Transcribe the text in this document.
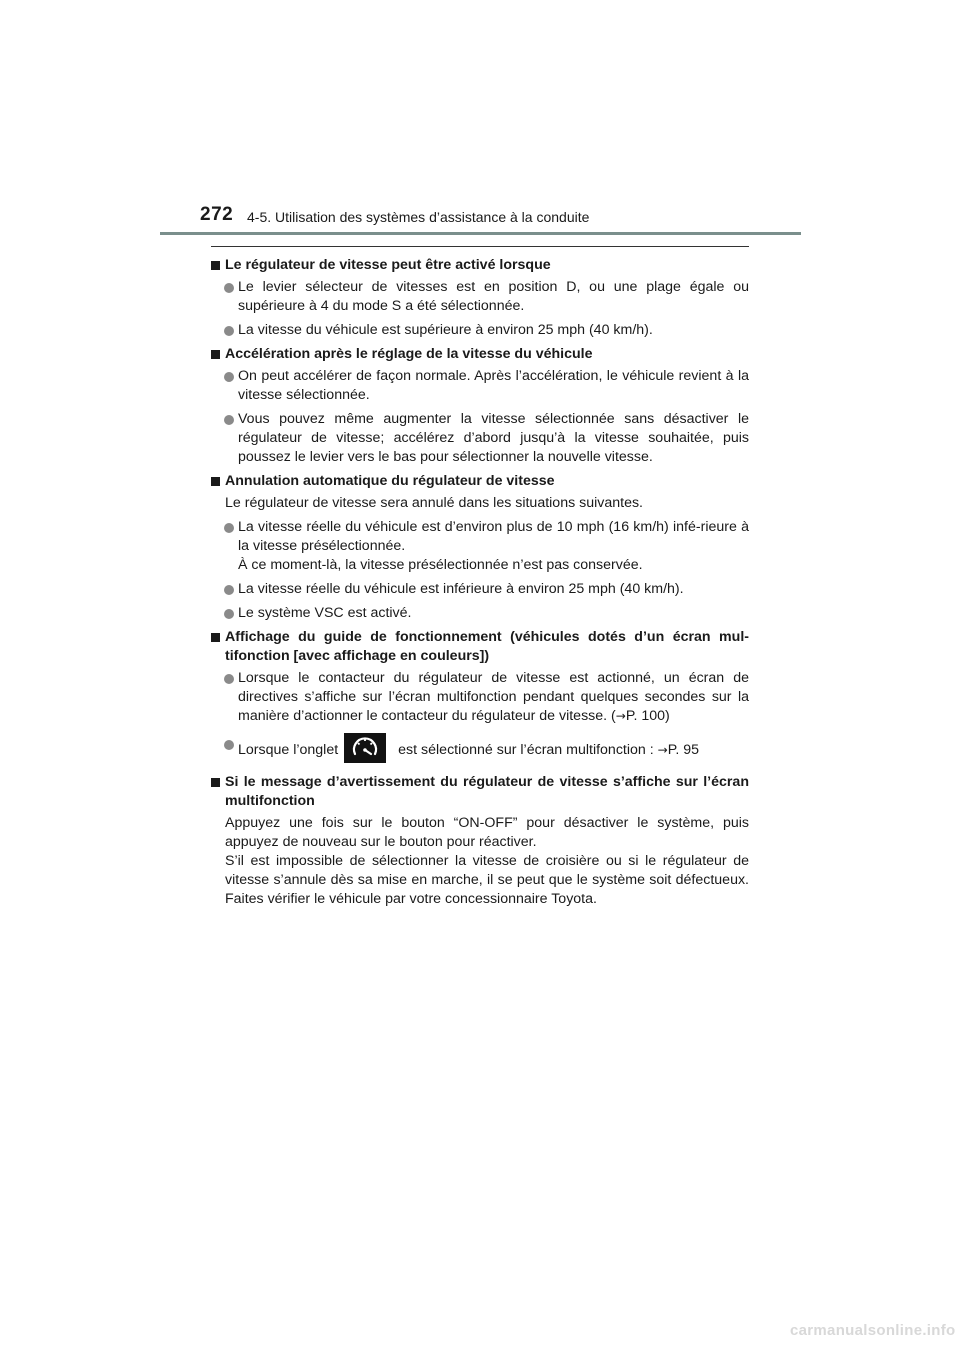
272 4-5. Utilisation des systèmes d’assistance à la conduite
Le régulateur de vitesse peut être activé lorsque
Le levier sélecteur de vitesses est en position D, ou une plage égale ou supérieure à 4 du mode S a été sélectionnée.
La vitesse du véhicule est supérieure à environ 25 mph (40 km/h).
Accélération après le réglage de la vitesse du véhicule
On peut accélérer de façon normale. Après l’accélération, le véhicule revient à la vitesse sélectionnée.
Vous pouvez même augmenter la vitesse sélectionnée sans désactiver le régulateur de vitesse; accélérez d’abord jusqu’à la vitesse souhaitée, puis poussez le levier vers le bas pour sélectionner la nouvelle vitesse.
Annulation automatique du régulateur de vitesse
Le régulateur de vitesse sera annulé dans les situations suivantes.
La vitesse réelle du véhicule est d’environ plus de 10 mph (16 km/h) infé-rieure à la vitesse présélectionnée.
À ce moment-là, la vitesse présélectionnée n’est pas conservée.
La vitesse réelle du véhicule est inférieure à environ 25 mph (40 km/h).
Le système VSC est activé.
Affichage du guide de fonctionnement (véhicules dotés d’un écran mul-tifonction [avec affichage en couleurs])
Lorsque le contacteur du régulateur de vitesse est actionné, un écran de directives s’affiche sur l’écran multifonction pendant quelques secondes sur la manière d’actionner le contacteur du régulateur de vitesse. (→P. 100)
Lorsque l’onglet	est sélectionné sur l’écran multifonction : →P. 95
Si le message d’avertissement du régulateur de vitesse s’affiche sur l’écran multifonction
Appuyez une fois sur le bouton “ON-OFF” pour désactiver le système, puis appuyez de nouveau sur le bouton pour réactiver.
S’il est impossible de sélectionner la vitesse de croisière ou si le régulateur de vitesse s’annule dès sa mise en marche, il se peut que le système soit défectueux. Faites vérifier le véhicule par votre concessionnaire Toyota.
carmanualsonline.info
